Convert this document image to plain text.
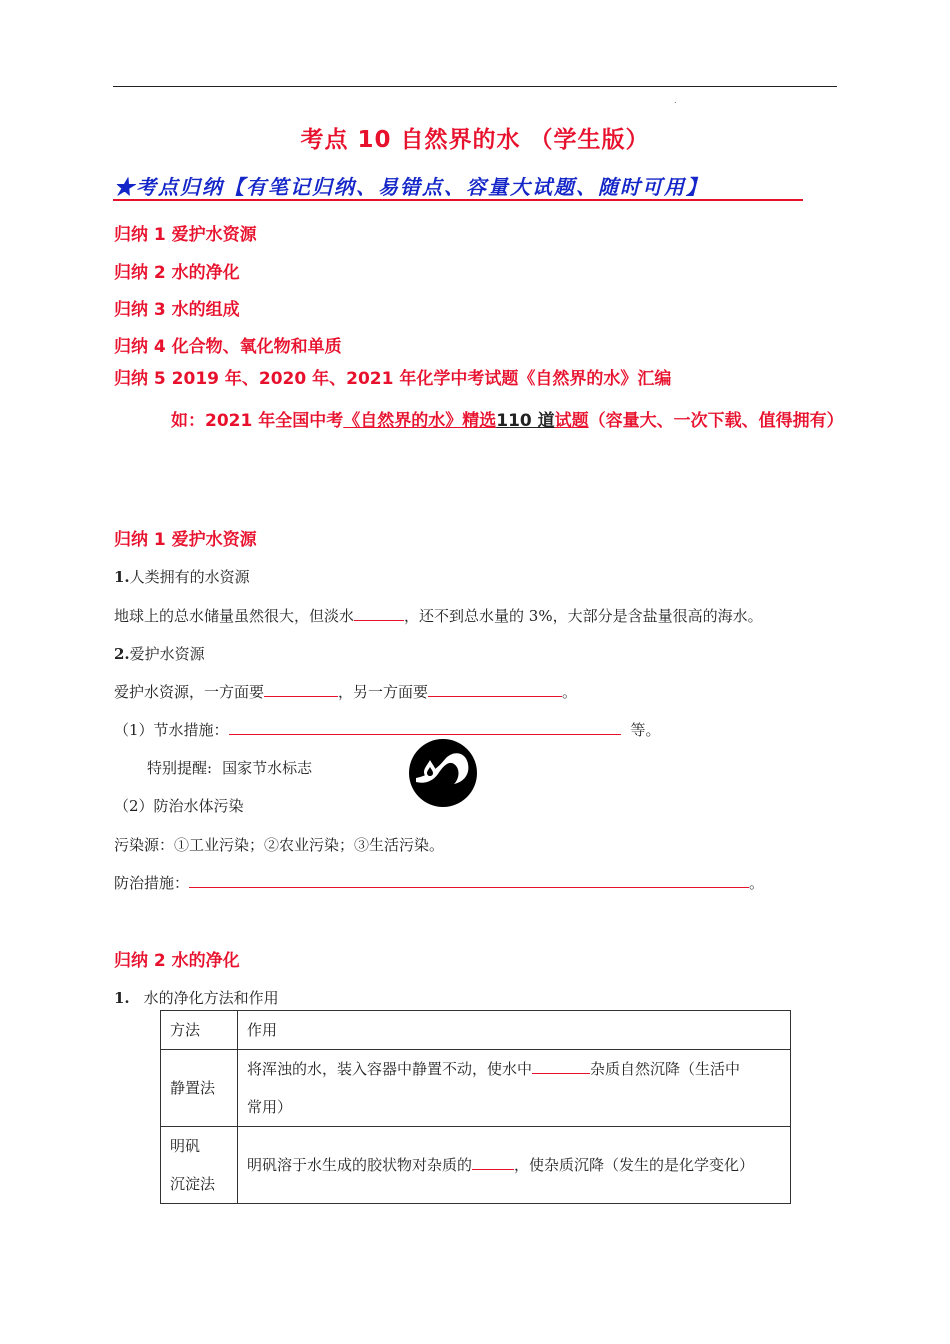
.
考点 10 自然界的水 （学生版）
★考点归纳【有笔记归纳、易错点、容量大试题、随时可用】
归纳 1 爱护水资源
归纳 2 水的净化
归纳 3 水的组成
归纳 4 化合物、氧化物和单质
归纳 5 2019 年、2020 年、2021 年化学中考试题《自然界的水》汇编
如：2021 年全国中考《自然界的水》精选110 道试题（容量大、一次下载、值得拥有）
归纳 1 爱护水资源
1.人类拥有的水资源
地球上的总水储量虽然很大，但淡水	，还不到总水量的 3%，大部分是含盐量很高的海水。
2.爱护水资源
爱护水资源，一方面要	，另一方面要	。
（1）节水措施：	等。
特别提醒: 国家节水标志
（2）防治水体污染
污染源：①工业污染；②农业污染；③生活污染。
防治措施：	。
归纳 2 水的净化
1. 水的净化方法和作用
方法	作用
静置法	将浑浊的水，装入容器中静置不动，使水中 杂质自然沉降（生活中
常用）
明矾
沉淀法	明矾溶于水生成的胶状物对杂质的 ，使杂质沉降（发生的是化学变化）
